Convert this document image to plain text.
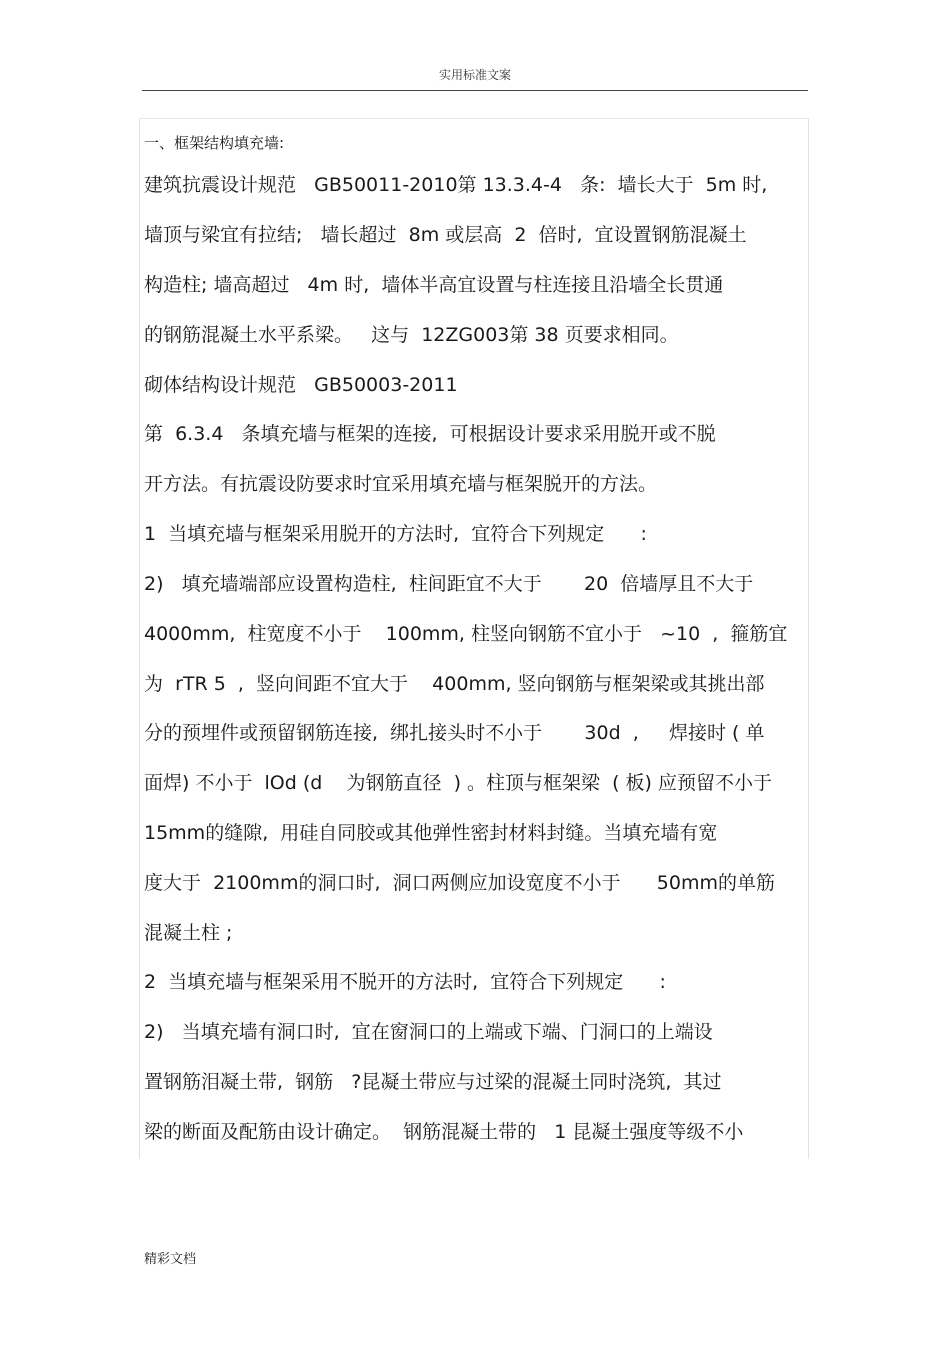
实用标准文案
一、框架结构填充墙:
建筑抗震设计规范   GB50011-2010第 13.3.4-4   条:  墙长大于  5m 时,
墙顶与梁宜有拉结;   墙长超过  8m 或层高  2  倍时,  宜设置钢筋混凝土
构造柱; 墙高超过   4m 时,  墙体半高宜设置与柱连接且沿墙全长贯通
的钢筋混凝土水平系梁。   这与  12ZG003第 38 页要求相同。
砌体结构设计规范   GB50003-2011
第  6.3.4   条填充墙与框架的连接,  可根据设计要求采用脱开或不脱
开方法。有抗震设防要求时宜采用填充墙与框架脱开的方法。
1  当填充墙与框架采用脱开的方法时,  宜符合下列规定      :
2)   填充墙端部应设置构造柱,  柱间距宜不大于       20  倍墙厚且不大于
4000mm,  柱宽度不小于    100mm, 柱竖向钢筋不宜小于   ~10  ,  箍筋宜
为  rTR 5  ,  竖向间距不宜大于    400mm, 竖向钢筋与框架梁或其挑出部
分的预埋件或预留钢筋连接,  绑扎接头时不小于       30d  ,     焊接时 ( 单
面焊) 不小于  lOd (d    为钢筋直径  ) 。柱顶与框架梁  ( 板) 应预留不小于
15mm的缝隙,  用硅自同胶或其他弹性密封材料封缝。当填充墙有宽
度大于  2100mm的洞口时,  洞口两侧应加设宽度不小于      50mm的单筋
混凝土柱 ;
2  当填充墙与框架采用不脱开的方法时,  宜符合下列规定      :
2)   当填充墙有洞口时,  宜在窗洞口的上端或下端、门洞口的上端设
置钢筋泪凝土带,  钢筋   ?昆凝土带应与过梁的混凝土同时浇筑,  其过
梁的断面及配筋由设计确定。  钢筋混凝土带的   1 昆凝土强度等级不小
精彩文档
